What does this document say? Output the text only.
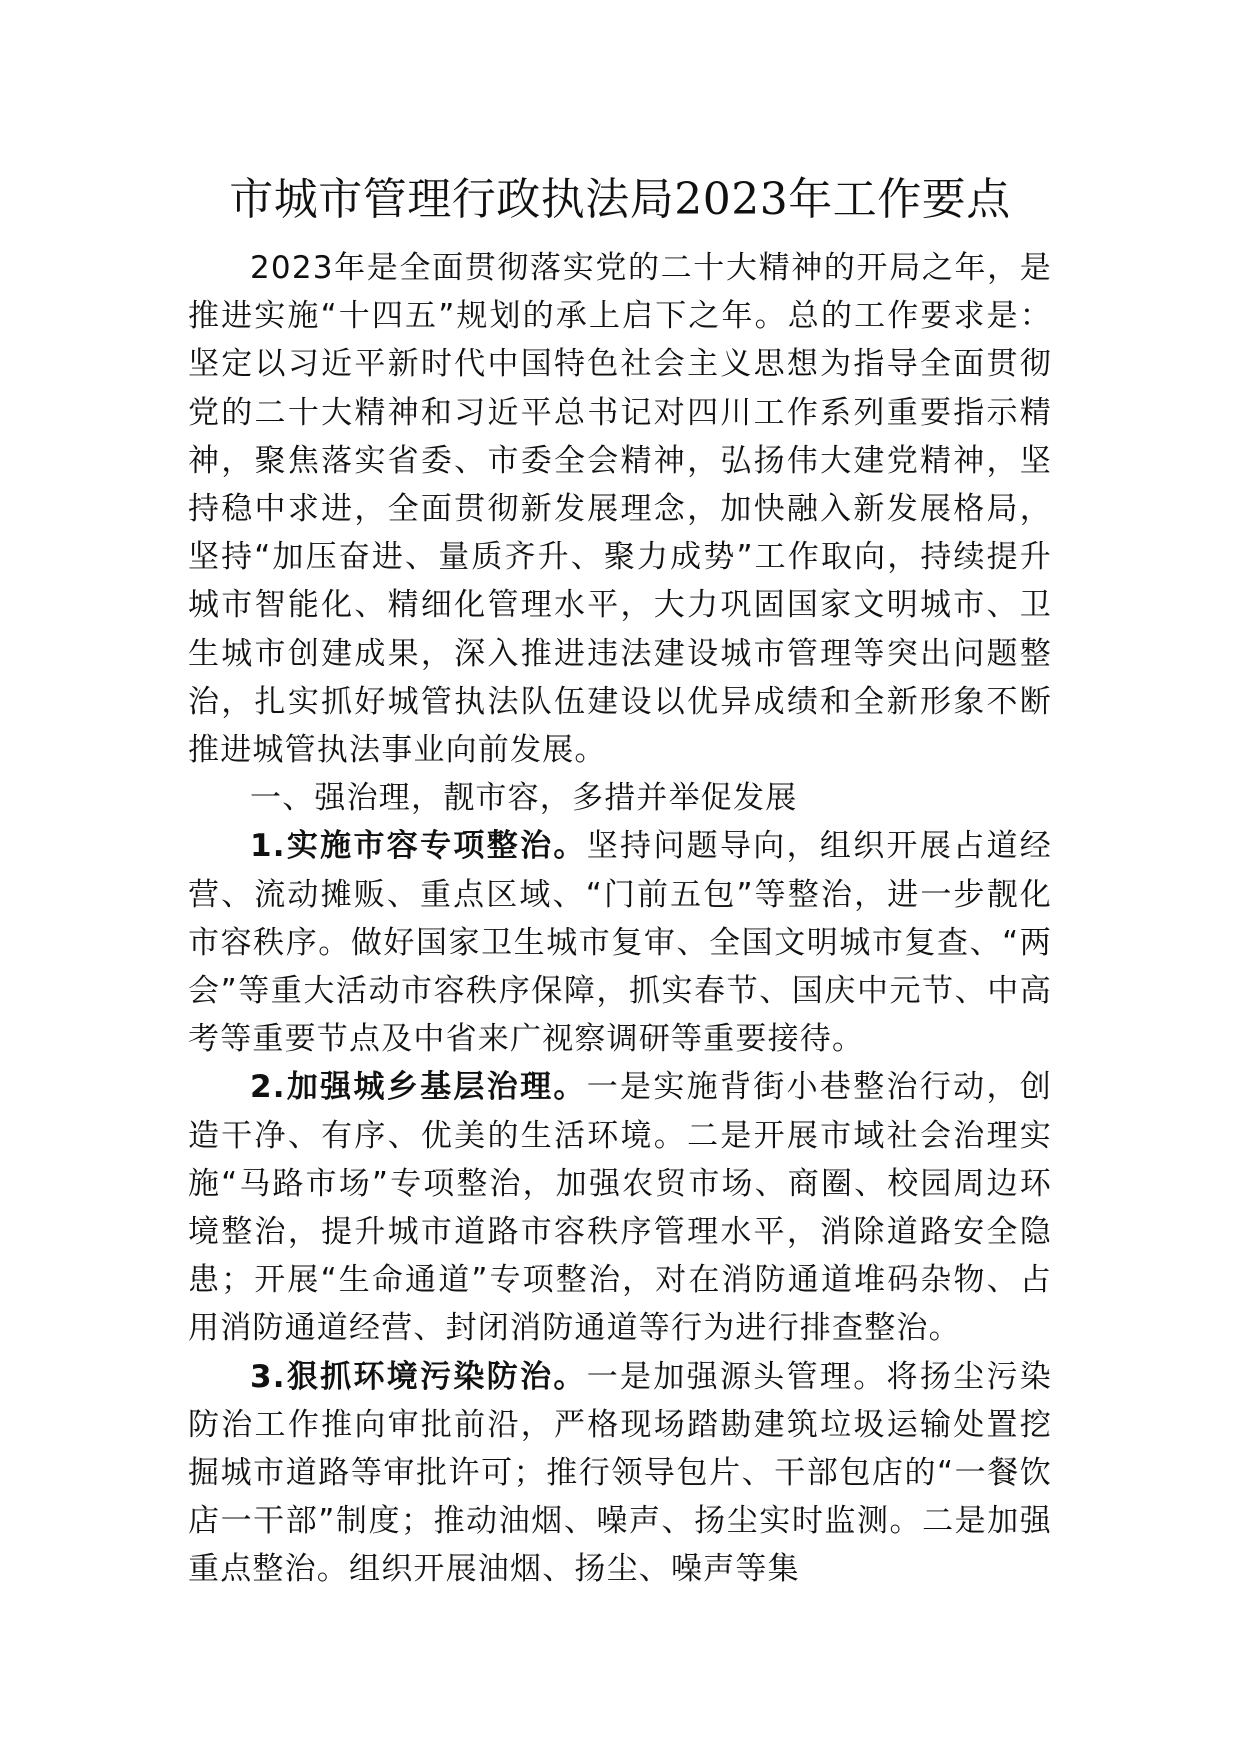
市城市管理行政执法局2023年工作要点

2023年是全面贯彻落实党的二十大精神的开局之年，是推进实施“十四五”规划的承上启下之年。总的工作要求是：坚定以习近平新时代中国特色社会主义思想为指导全面贯彻党的二十大精神和习近平总书记对四川工作系列重要指示精神，聚焦落实省委、市委全会精神，弘扬伟大建党精神，坚持稳中求进，全面贯彻新发展理念，加快融入新发展格局，坚持“加压奋进、量质齐升、聚力成势”工作取向，持续提升城市智能化、精细化管理水平，大力巩固国家文明城市、卫生城市创建成果，深入推进违法建设城市管理等突出问题整治，扎实抓好城管执法队伍建设以优异成绩和全新形象不断推进城管执法事业向前发展。

一、强治理，靓市容，多措并举促发展

1.实施市容专项整治。坚持问题导向，组织开展占道经营、流动摊贩、重点区域、“门前五包”等整治，进一步靓化市容秩序。做好国家卫生城市复审、全国文明城市复查、“两会”等重大活动市容秩序保障，抓实春节、国庆中元节、中高考等重要节点及中省来广视察调研等重要接待。

2.加强城乡基层治理。一是实施背街小巷整治行动，创造干净、有序、优美的生活环境。二是开展市域社会治理实施“马路市场”专项整治，加强农贸市场、商圈、校园周边环境整治，提升城市道路市容秩序管理水平，消除道路安全隐患；开展“生命通道”专项整治，对在消防通道堆码杂物、占用消防通道经营、封闭消防通道等行为进行排查整治。

3.狠抓环境污染防治。一是加强源头管理。将扬尘污染防治工作推向审批前沿，严格现场踏勘建筑垃圾运输处置挖掘城市道路等审批许可；推行领导包片、干部包店的“一餐饮店一干部”制度；推动油烟、噪声、扬尘实时监测。二是加强重点整治。组织开展油烟、扬尘、噪声等集
